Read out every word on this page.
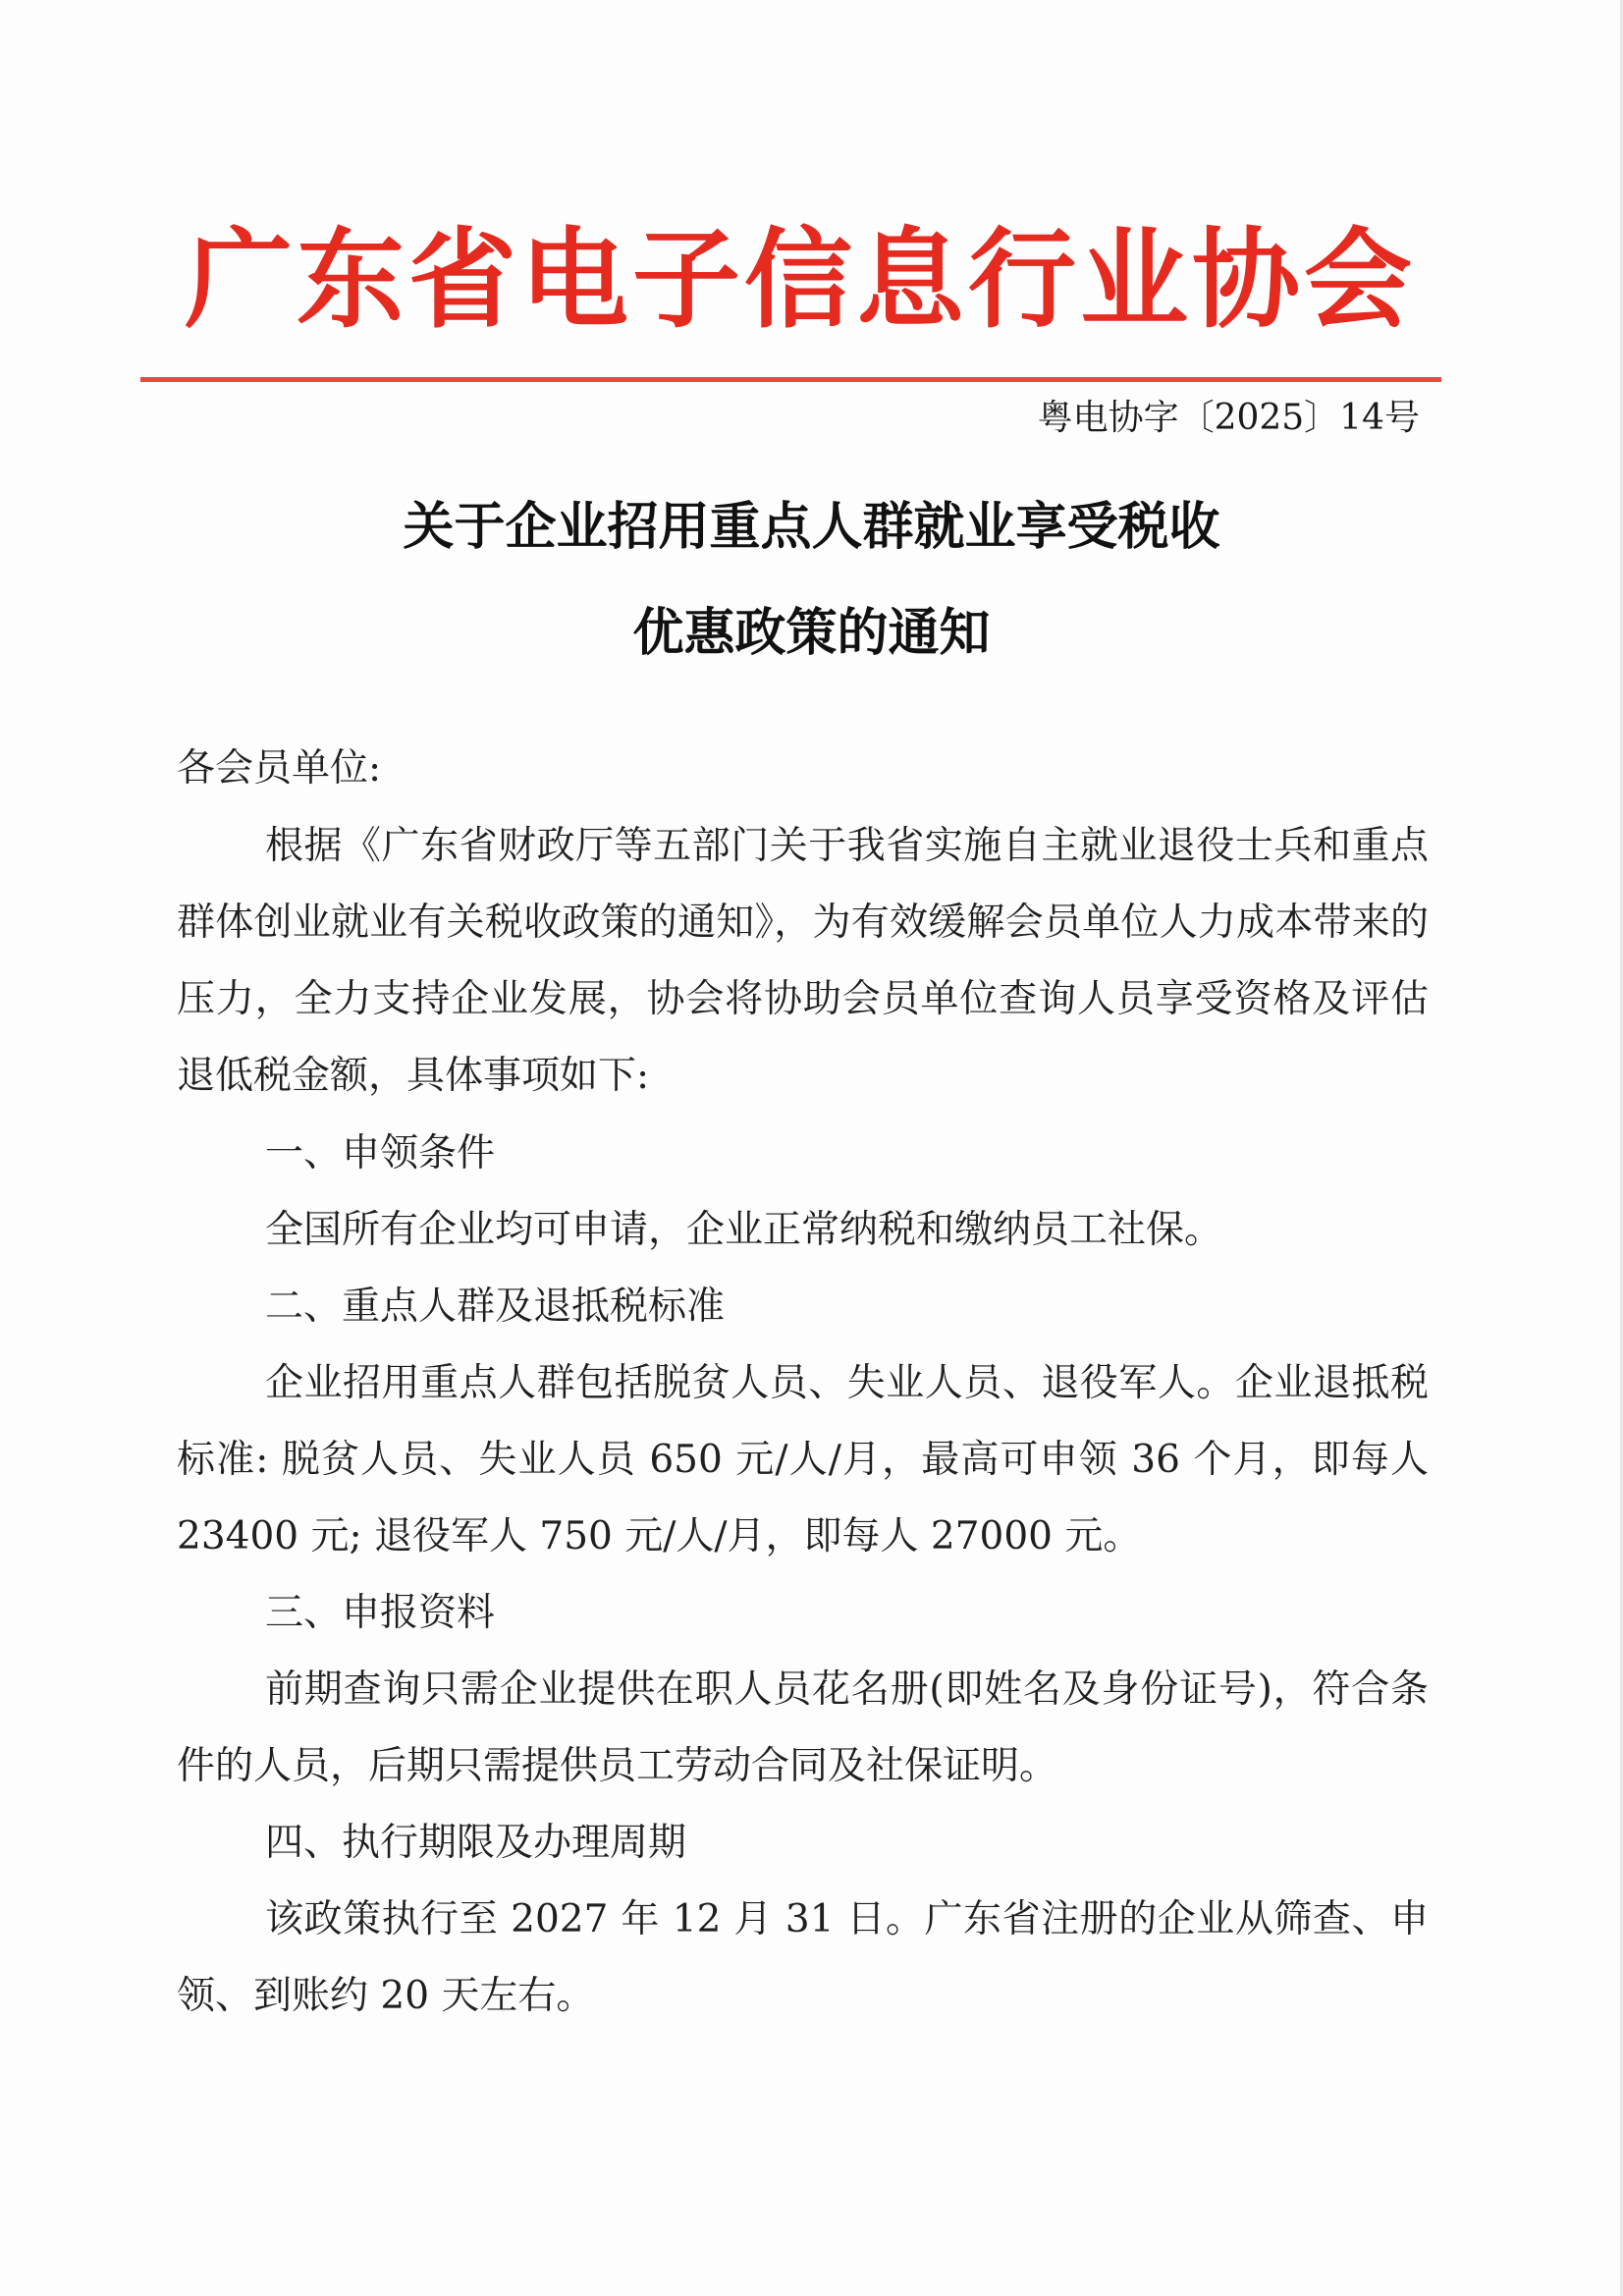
广东省电子信息行业协会
粤电协字〔2025〕14号
关于企业招用重点人群就业享受税收
优惠政策的通知
各会员单位:
根据《广东省财政厅等五部门关于我省实施自主就业退役士兵和重点群体创业就业有关税收政策的通知》，为有效缓解会员单位人力成本带来的压力，全力支持企业发展，协会将协助会员单位查询人员享受资格及评估退低税金额，具体事项如下:
一、申领条件
全国所有企业均可申请，企业正常纳税和缴纳员工社保。
二、重点人群及退抵税标准
企业招用重点人群包括脱贫人员、失业人员、退役军人。企业退抵税标准: 脱贫人员、失业人员 650 元/人/月，最高可申领 36 个月，即每人 23400 元; 退役军人 750 元/人/月，即每人 27000 元。
三、申报资料
前期查询只需企业提供在职人员花名册(即姓名及身份证号)，符合条件的人员，后期只需提供员工劳动合同及社保证明。
四、执行期限及办理周期
该政策执行至 2027 年 12 月 31 日。广东省注册的企业从筛查、申领、到账约 20 天左右。
